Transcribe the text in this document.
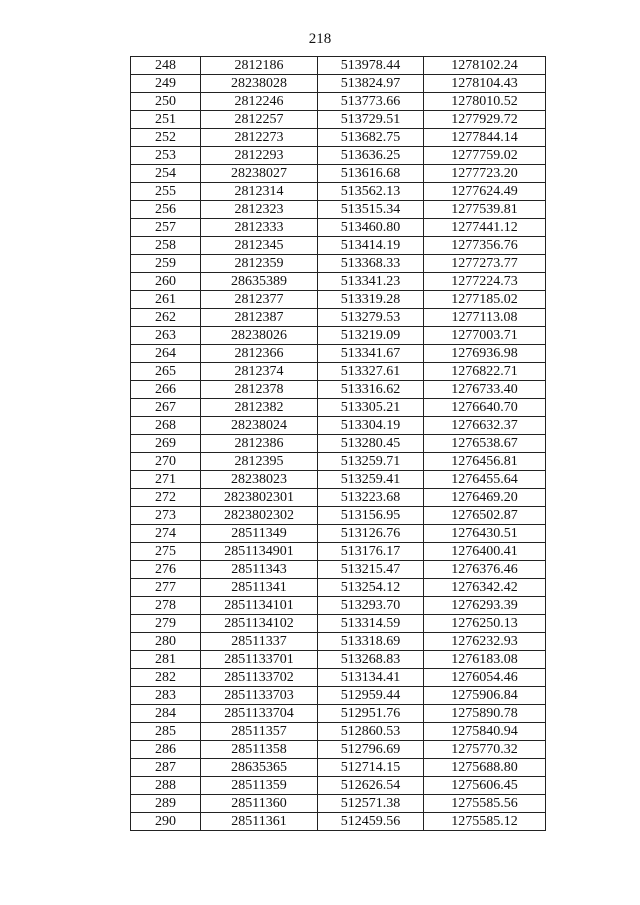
218
248	2812186	513978.44	1278102.24
249	28238028	513824.97	1278104.43
250	2812246	513773.66	1278010.52
251	2812257	513729.51	1277929.72
252	2812273	513682.75	1277844.14
253	2812293	513636.25	1277759.02
254	28238027	513616.68	1277723.20
255	2812314	513562.13	1277624.49
256	2812323	513515.34	1277539.81
257	2812333	513460.80	1277441.12
258	2812345	513414.19	1277356.76
259	2812359	513368.33	1277273.77
260	28635389	513341.23	1277224.73
261	2812377	513319.28	1277185.02
262	2812387	513279.53	1277113.08
263	28238026	513219.09	1277003.71
264	2812366	513341.67	1276936.98
265	2812374	513327.61	1276822.71
266	2812378	513316.62	1276733.40
267	2812382	513305.21	1276640.70
268	28238024	513304.19	1276632.37
269	2812386	513280.45	1276538.67
270	2812395	513259.71	1276456.81
271	28238023	513259.41	1276455.64
272	2823802301	513223.68	1276469.20
273	2823802302	513156.95	1276502.87
274	28511349	513126.76	1276430.51
275	2851134901	513176.17	1276400.41
276	28511343	513215.47	1276376.46
277	28511341	513254.12	1276342.42
278	2851134101	513293.70	1276293.39
279	2851134102	513314.59	1276250.13
280	28511337	513318.69	1276232.93
281	2851133701	513268.83	1276183.08
282	2851133702	513134.41	1276054.46
283	2851133703	512959.44	1275906.84
284	2851133704	512951.76	1275890.78
285	28511357	512860.53	1275840.94
286	28511358	512796.69	1275770.32
287	28635365	512714.15	1275688.80
288	28511359	512626.54	1275606.45
289	28511360	512571.38	1275585.56
290	28511361	512459.56	1275585.12
